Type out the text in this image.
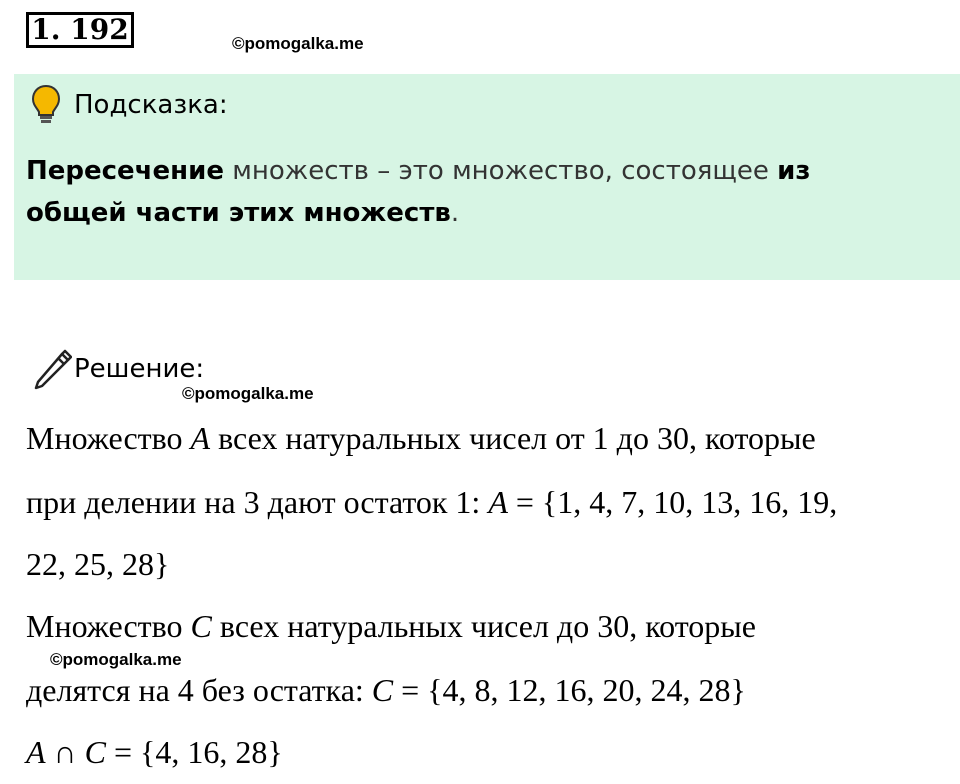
1. 192	©pomogalka.me
Подсказка:
Пересечение множеств – это множество, состоящее из
общей части этих множеств.
Решение:
©pomogalka.me
Множество A всех натуральных чисел от 1 до 30, которые
при делении на 3 дают остаток 1: A = {1, 4, 7, 10, 13, 16, 19,
22, 25, 28}
Множество C всех натуральных чисел до 30, которые
©pomogalka.me
делятся на 4 без остатка: C = {4, 8, 12, 16, 20, 24, 28}
A ∩ C = {4, 16, 28}
